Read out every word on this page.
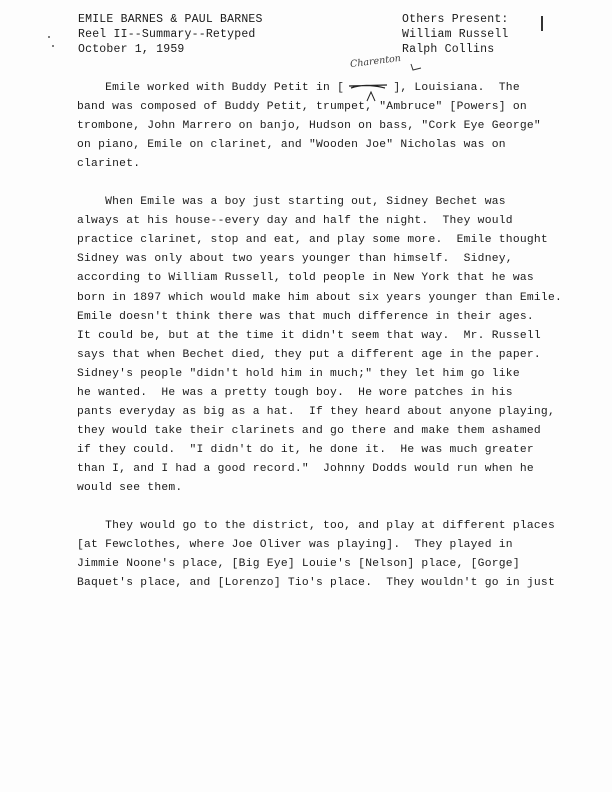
EMILE BARNES & PAUL BARNES
Reel II--Summary--Retyped
October 1, 1959
Others Present:
William Russell
Ralph Collins
Charenton
Emile worked with Buddy Petit in [       ], Louisiana.  The
band was composed of Buddy Petit, trumpet, "Ambruce" [Powers] on
trombone, John Marrero on banjo, Hudson on bass, "Cork Eye George"
on piano, Emile on clarinet, and "Wooden Joe" Nicholas was on
clarinet.
When Emile was a boy just starting out, Sidney Bechet was
always at his house--every day and half the night.  They would
practice clarinet, stop and eat, and play some more.  Emile thought
Sidney was only about two years younger than himself.  Sidney,
according to William Russell, told people in New York that he was
born in 1897 which would make him about six years younger than Emile.
Emile doesn't think there was that much difference in their ages.
It could be, but at the time it didn't seem that way.  Mr. Russell
says that when Bechet died, they put a different age in the paper.
Sidney's people "didn't hold him in much;" they let him go like
he wanted.  He was a pretty tough boy.  He wore patches in his
pants everyday as big as a hat.  If they heard about anyone playing,
they would take their clarinets and go there and make them ashamed
if they could.  "I didn't do it, he done it.  He was much greater
than I, and I had a good record."  Johnny Dodds would run when he
would see them.
They would go to the district, too, and play at different places
[at Fewclothes, where Joe Oliver was playing].  They played in
Jimmie Noone's place, [Big Eye] Louie's [Nelson] place, [Gorge]
Baquet's place, and [Lorenzo] Tio's place.  They wouldn't go in just
